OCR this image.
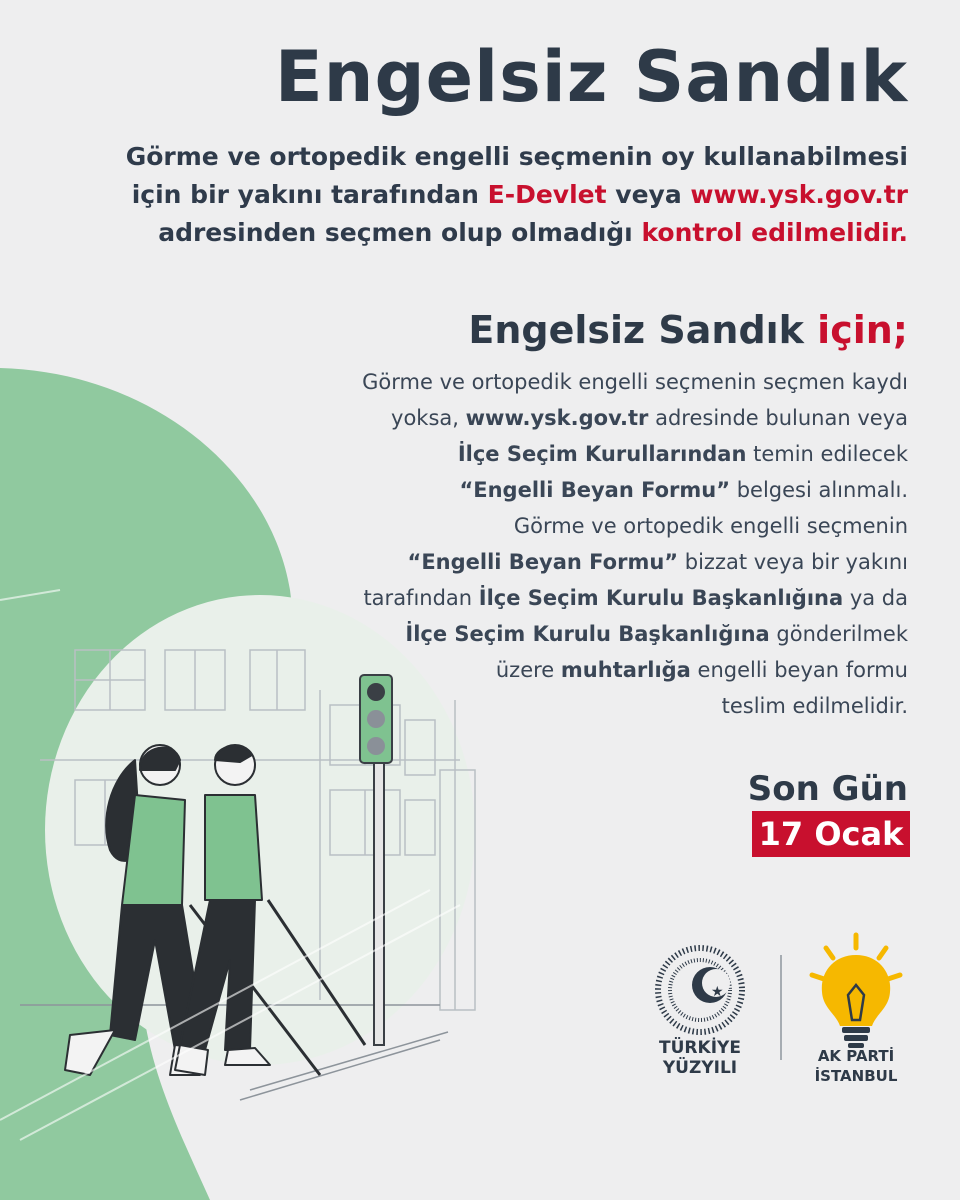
★
Engelsiz Sandık
Görme ve ortopedik engelli seçmenin oy kullanabilmesi
için bir yakını tarafından E-Devlet veya www.ysk.gov.tr
adresinden seçmen olup olmadığı kontrol edilmelidir.
Engelsiz Sandık için;
Görme ve ortopedik engelli seçmenin seçmen kaydı
yoksa, www.ysk.gov.tr adresinde bulunan veya
İlçe Seçim Kurullarından temin edilecek
“Engelli Beyan Formu” belgesi alınmalı.
Görme ve ortopedik engelli seçmenin
“Engelli Beyan Formu” bizzat veya bir yakını
tarafından İlçe Seçim Kurulu Başkanlığına ya da
İlçe Seçim Kurulu Başkanlığına gönderilmek
üzere muhtarlığa engelli beyan formu
teslim edilmelidir.
Son Gün
17 Ocak
TÜRKİYE
YÜZYILI
AK PARTİ
İSTANBUL
